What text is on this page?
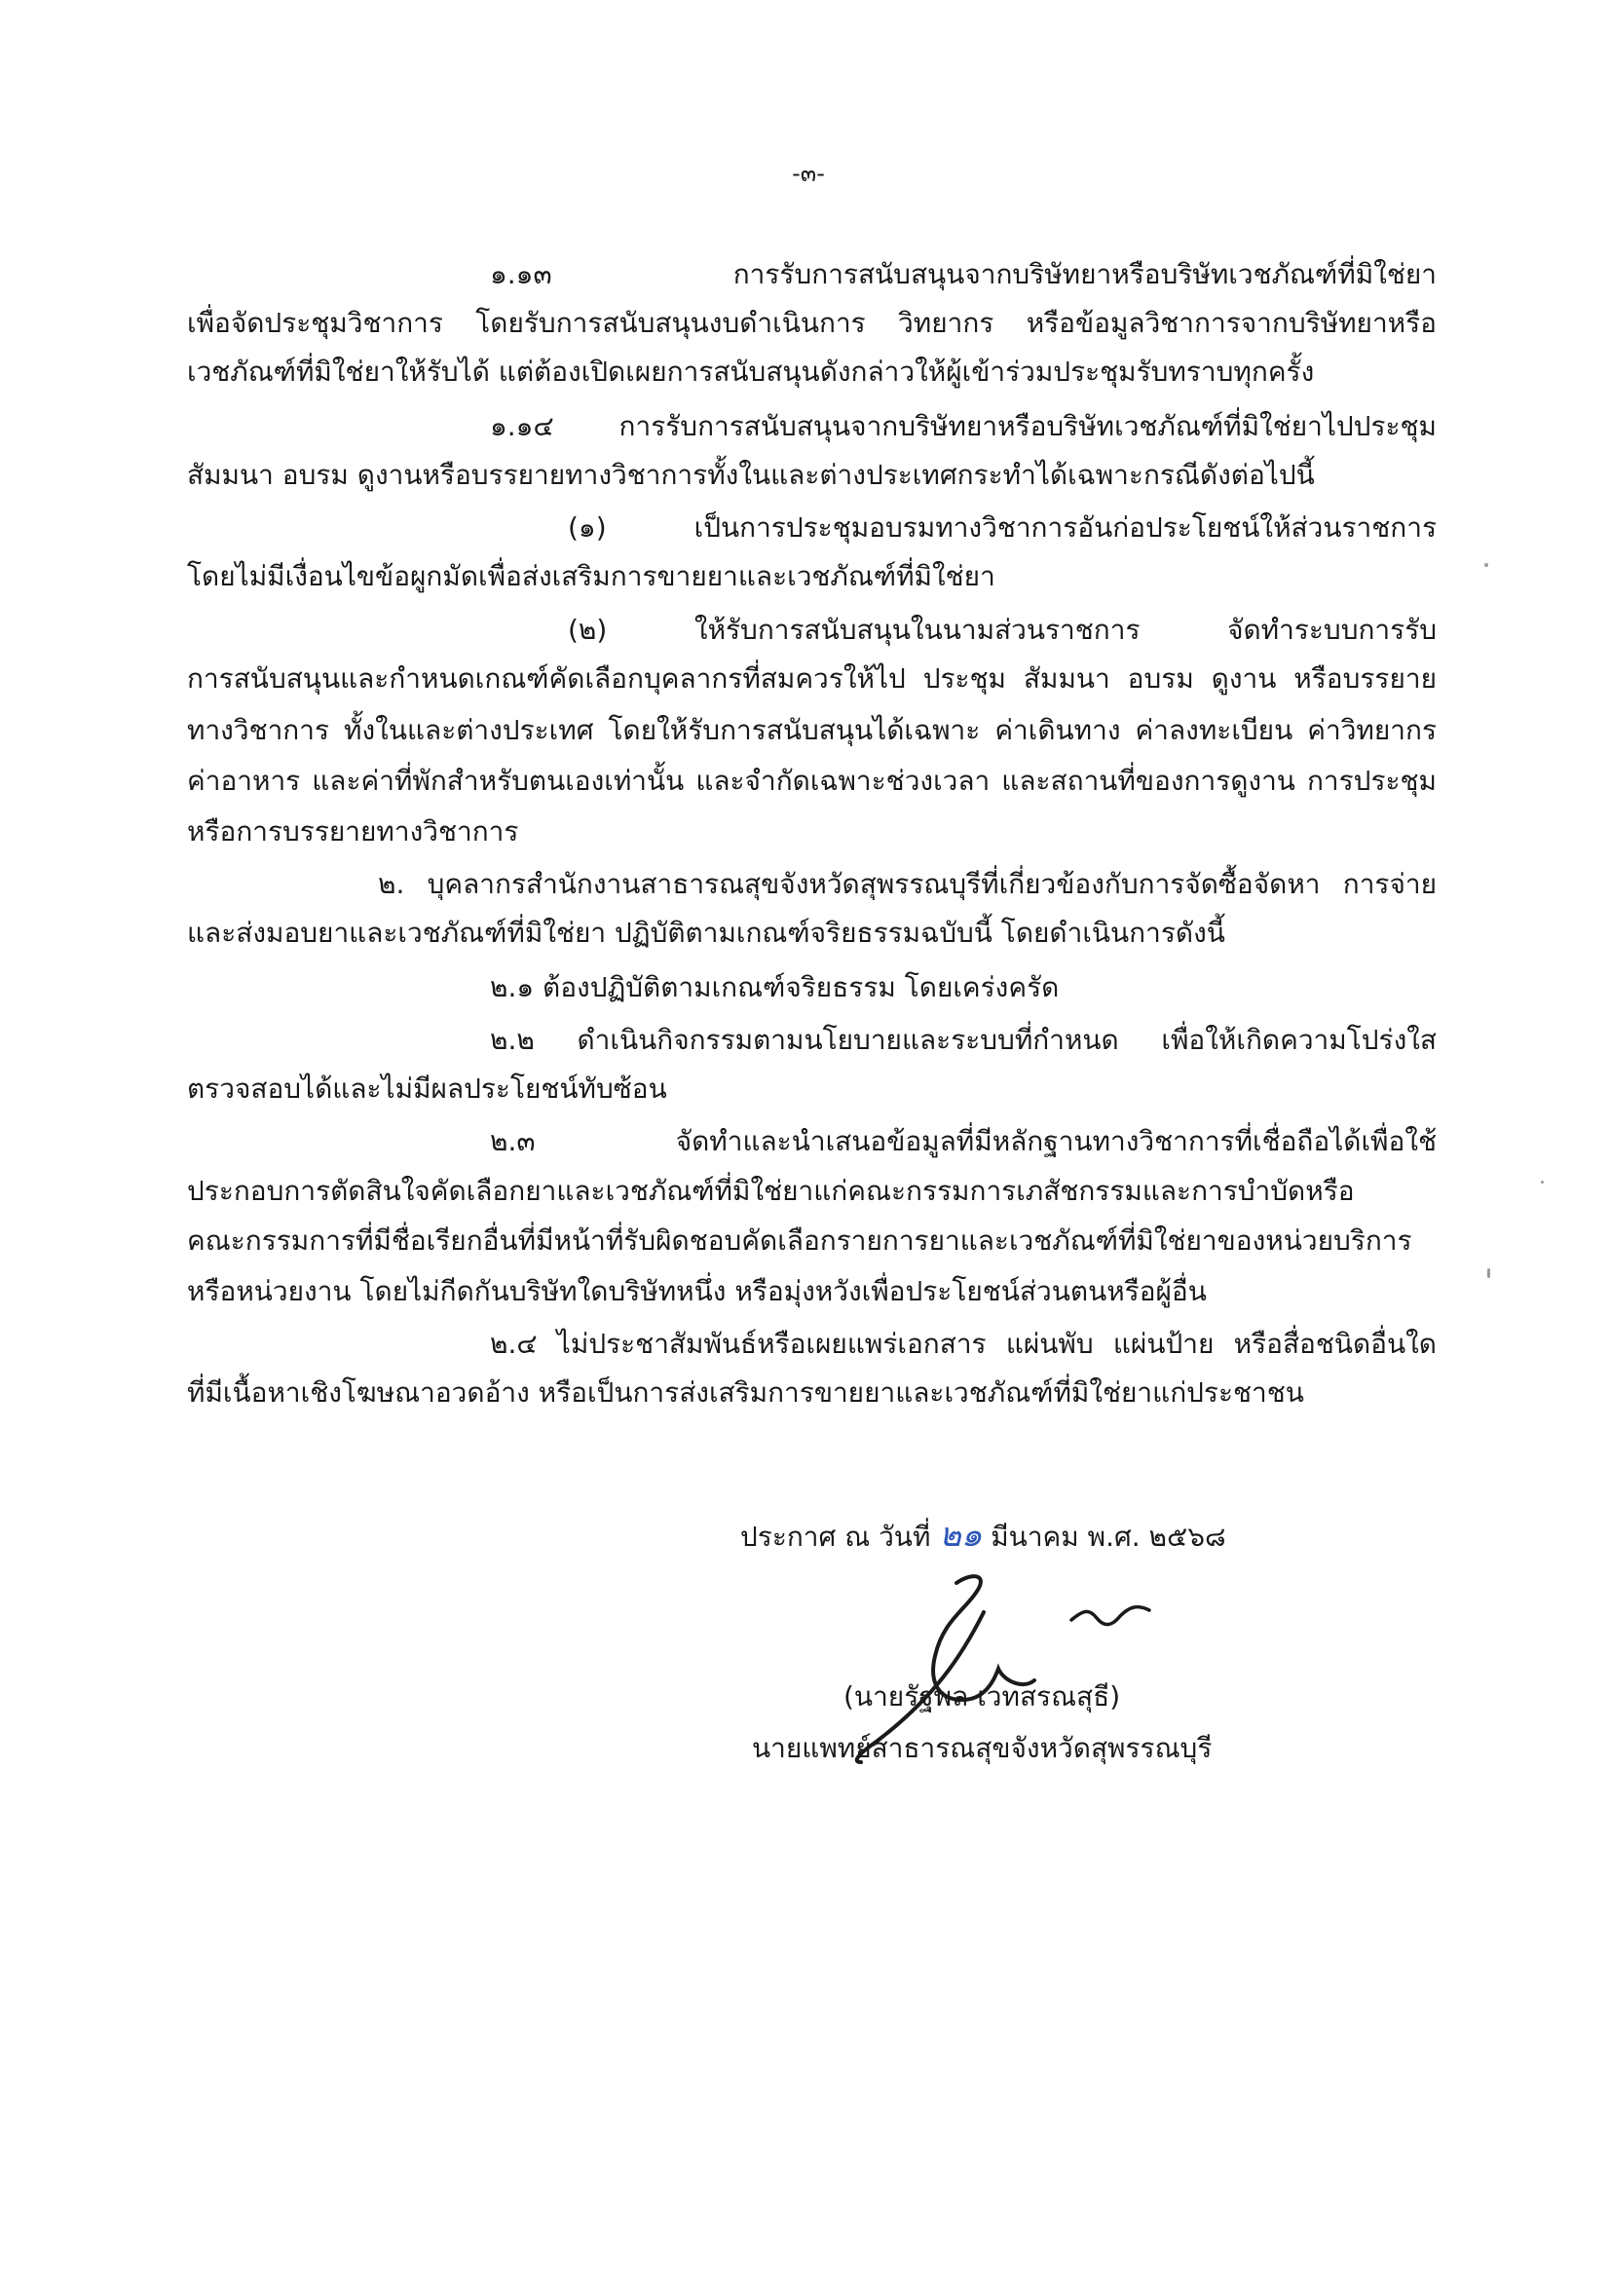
-๓-
๑.๑๓ การรับการสนับสนุนจากบริษัทยาหรือบริษัทเวชภัณฑ์ที่มิใช่ยา
เพื่อจัดประชุมวิชาการ โดยรับการสนับสนุนงบดำเนินการ วิทยากร หรือข้อมูลวิชาการจากบริษัทยาหรือ
เวชภัณฑ์ที่มิใช่ยาให้รับได้ แต่ต้องเปิดเผยการสนับสนุนดังกล่าวให้ผู้เข้าร่วมประชุมรับทราบทุกครั้ง
๑.๑๔ การรับการสนับสนุนจากบริษัทยาหรือบริษัทเวชภัณฑ์ที่มิใช่ยาไปประชุม
สัมมนา อบรม ดูงานหรือบรรยายทางวิชาการทั้งในและต่างประเทศกระทำได้เฉพาะกรณีดังต่อไปนี้
(๑) เป็นการประชุมอบรมทางวิชาการอันก่อประโยชน์ให้ส่วนราชการ
โดยไม่มีเงื่อนไขข้อผูกมัดเพื่อส่งเสริมการขายยาและเวชภัณฑ์ที่มิใช่ยา
(๒) ให้รับการสนับสนุนในนามส่วนราชการ จัดทำระบบการรับ
การสนับสนุนและกำหนดเกณฑ์คัดเลือกบุคลากรที่สมควรให้ไป ประชุม สัมมนา อบรม ดูงาน หรือบรรยาย
ทางวิชาการ ทั้งในและต่างประเทศ โดยให้รับการสนับสนุนได้เฉพาะ ค่าเดินทาง ค่าลงทะเบียน ค่าวิทยากร
ค่าอาหาร และค่าที่พักสำหรับตนเองเท่านั้น และจำกัดเฉพาะช่วงเวลา และสถานที่ของการดูงาน การประชุม
หรือการบรรยายทางวิชาการ
๒. บุคลากรสำนักงานสาธารณสุขจังหวัดสุพรรณบุรีที่เกี่ยวข้องกับการจัดซื้อจัดหา การจ่าย
และส่งมอบยาและเวชภัณฑ์ที่มิใช่ยา ปฏิบัติตามเกณฑ์จริยธรรมฉบับนี้ โดยดำเนินการดังนี้
๒.๑ ต้องปฏิบัติตามเกณฑ์จริยธรรม โดยเคร่งครัด
๒.๒ ดำเนินกิจกรรมตามนโยบายและระบบที่กำหนด เพื่อให้เกิดความโปร่งใส
ตรวจสอบได้และไม่มีผลประโยชน์ทับซ้อน
๒.๓ จัดทำและนำเสนอข้อมูลที่มีหลักฐานทางวิชาการที่เชื่อถือได้เพื่อใช้
ประกอบการตัดสินใจคัดเลือกยาและเวชภัณฑ์ที่มิใช่ยาแก่คณะกรรมการเภสัชกรรมและการบำบัดหรือ
คณะกรรมการที่มีชื่อเรียกอื่นที่มีหน้าที่รับผิดชอบคัดเลือกรายการยาและเวชภัณฑ์ที่มิใช่ยาของหน่วยบริการ
หรือหน่วยงาน โดยไม่กีดกันบริษัทใดบริษัทหนึ่ง หรือมุ่งหวังเพื่อประโยชน์ส่วนตนหรือผู้อื่น
๒.๔ ไม่ประชาสัมพันธ์หรือเผยแพร่เอกสาร แผ่นพับ แผ่นป้าย หรือสื่อชนิดอื่นใด
ที่มีเนื้อหาเชิงโฆษณาอวดอ้าง หรือเป็นการส่งเสริมการขายยาและเวชภัณฑ์ที่มิใช่ยาแก่ประชาชน
ประกาศ ณ วันที่ ๒๑ มีนาคม พ.ศ. ๒๕๖๘
(นายรัฐพล เวทสรณสุธี)
นายแพทย์สาธารณสุขจังหวัดสุพรรณบุรี
